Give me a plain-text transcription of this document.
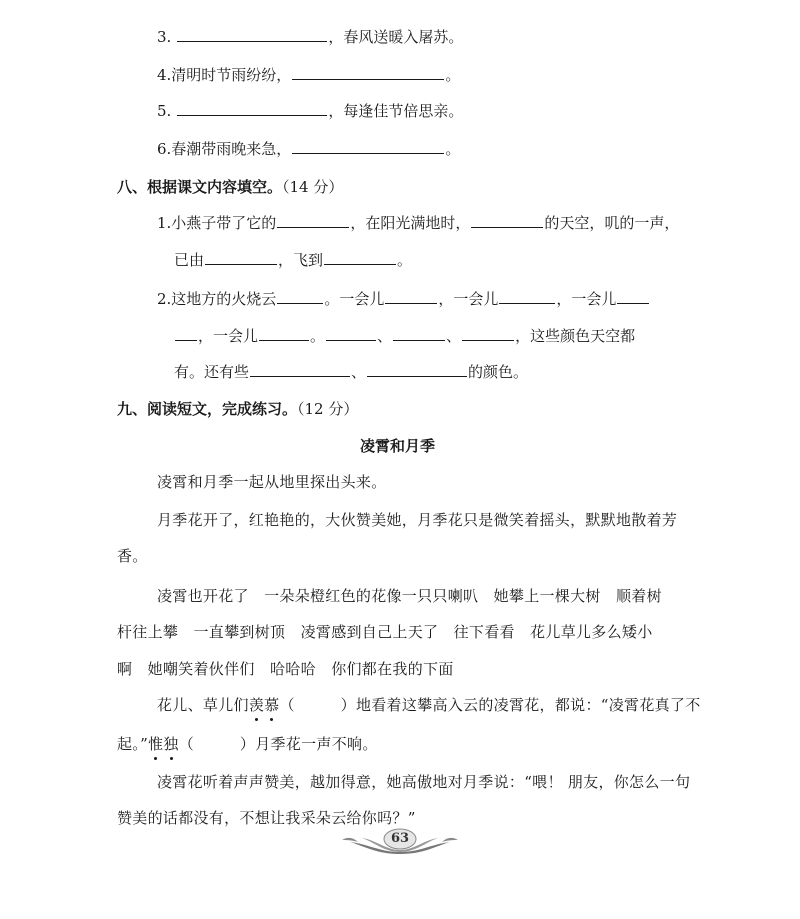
3.	，春风送暖入屠苏。
4.清明时节雨纷纷，	。
5.	，每逢佳节倍思亲。
6.春潮带雨晚来急，	。
八、根据课文内容填空。（14 分）
1.小燕子带了它的	，在阳光满地时，	的天空，叽的一声，
已由	，飞到	。
2.这地方的火烧云	。一会儿	，一会儿	，一会儿
，一会儿	。	、	、	，这些颜色天空都
有。还有些	、	的颜色。
九、阅读短文，完成练习。（12 分）
凌霄和月季
凌霄和月季一起从地里探出头来。
月季花开了，红艳艳的，大伙赞美她，月季花只是微笑着摇头，默默地散着芳
香。
凌霄也开花了　一朵朵橙红色的花像一只只喇叭　她攀上一棵大树　顺着树
杆往上攀　一直攀到树顶　凌霄感到自己上天了　往下看看　花儿草儿多么矮小
啊　她嘲笑着伙伴们　哈哈哈　你们都在我的下面
花儿、草儿们羡慕（　　　）地看着这攀高入云的凌霄花，都说：“凌霄花真了不
起。”惟独（　　　）月季花一声不响。
凌霄花听着声声赞美，越加得意，她高傲地对月季说：“喂！ 朋友，你怎么一句
赞美的话都没有，不想让我采朵云给你吗？”
63
